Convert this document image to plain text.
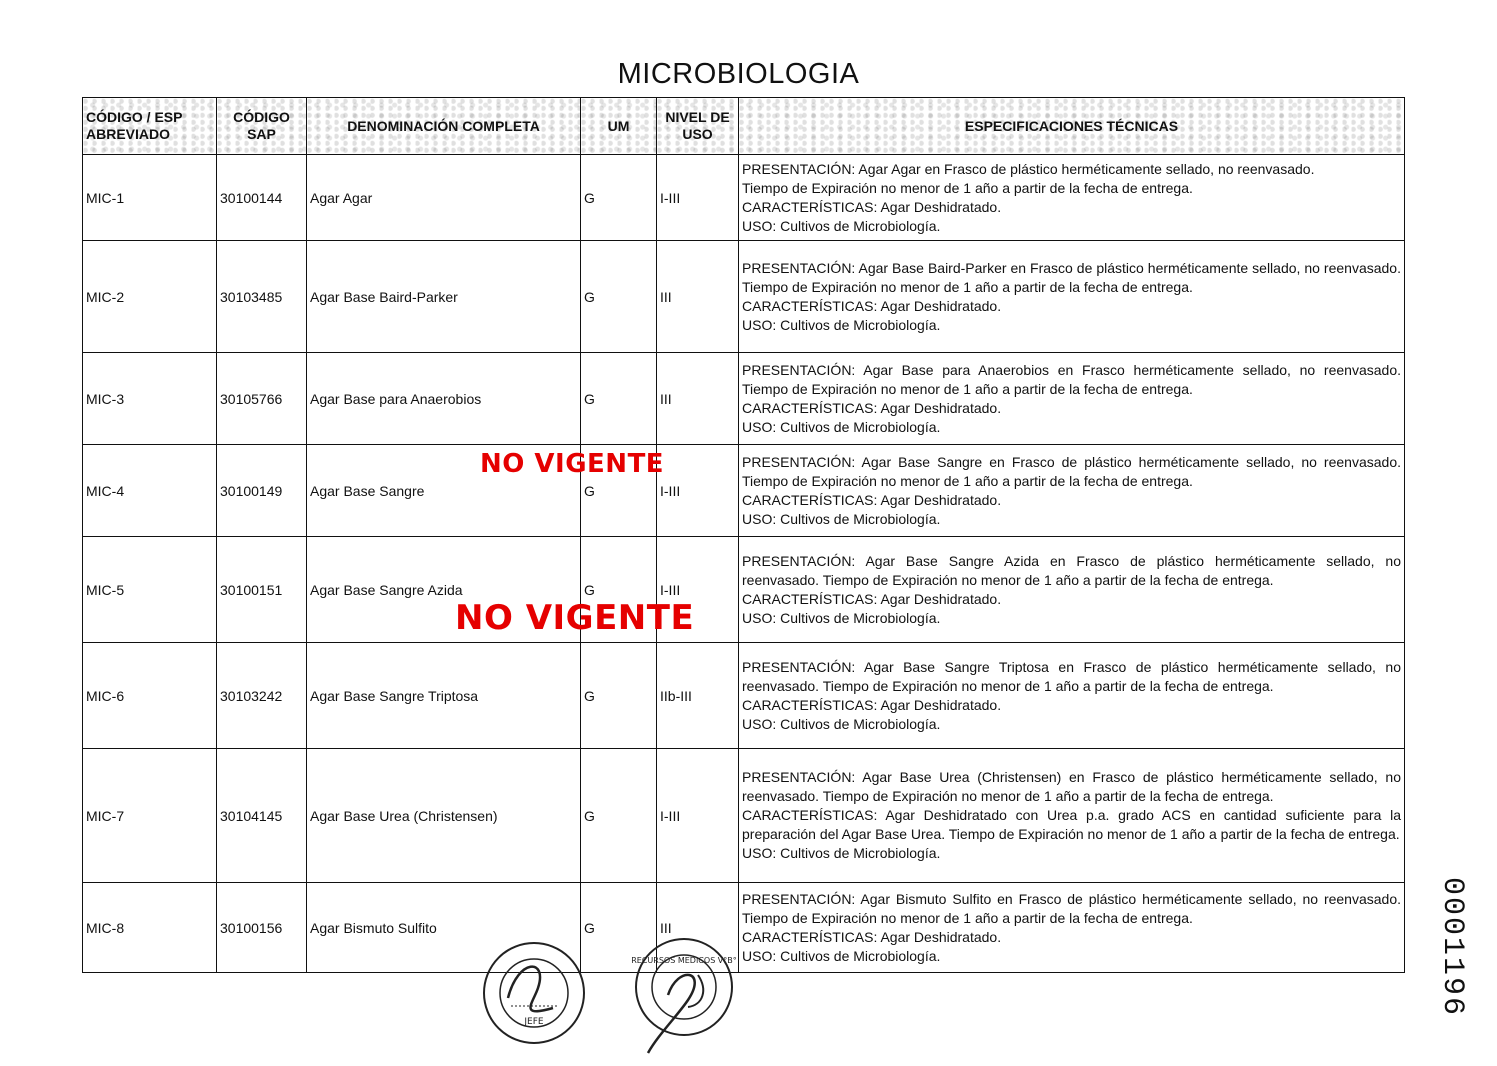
MICROBIOLOGIA
CÓDIGO / ESP ABREVIADO	CÓDIGO SAP	DENOMINACIÓN COMPLETA	UM	NIVEL DE USO	ESPECIFICACIONES TÉCNICAS
MIC-1	30100144	Agar Agar	G	I-III	PRESENTACIÓN: Agar Agar en Frasco de plástico herméticamente sellado, no reenvasado.
Tiempo de Expiración no menor de 1 año a partir de la fecha de entrega.
CARACTERÍSTICAS: Agar Deshidratado.
USO: Cultivos de Microbiología.

MIC-2	30103485	Agar Base Baird-Parker	G	III	PRESENTACIÓN: Agar Base Baird-Parker en Frasco de plástico herméticamente sellado, no reenvasado. Tiempo de Expiración no menor de 1 año a partir de la fecha de entrega.
CARACTERÍSTICAS: Agar Deshidratado.
USO: Cultivos de Microbiología.

MIC-3	30105766	Agar Base para Anaerobios	G	III	PRESENTACIÓN: Agar Base para Anaerobios en Frasco herméticamente sellado, no reenvasado. Tiempo de Expiración no menor de 1 año a partir de la fecha de entrega.
CARACTERÍSTICAS: Agar Deshidratado.
USO: Cultivos de Microbiología.

MIC-4	30100149	Agar Base Sangre	G	I-III	PRESENTACIÓN: Agar Base Sangre en Frasco de plástico herméticamente sellado, no reenvasado. Tiempo de Expiración no menor de 1 año a partir de la fecha de entrega.
CARACTERÍSTICAS: Agar Deshidratado.
USO: Cultivos de Microbiología.

MIC-5	30100151	Agar Base Sangre Azida	G	I-III	PRESENTACIÓN: Agar Base Sangre Azida en Frasco de plástico herméticamente sellado, no reenvasado. Tiempo de Expiración no menor de 1 año a partir de la fecha de entrega.
CARACTERÍSTICAS: Agar Deshidratado.
USO: Cultivos de Microbiología.

MIC-6	30103242	Agar Base Sangre Triptosa	G	IIb-III	PRESENTACIÓN: Agar Base Sangre Triptosa en Frasco de plástico herméticamente sellado, no reenvasado. Tiempo de Expiración no menor de 1 año a partir de la fecha de entrega.
CARACTERÍSTICAS: Agar Deshidratado.
USO: Cultivos de Microbiología.

MIC-7	30104145	Agar Base Urea (Christensen)	G	I-III	PRESENTACIÓN: Agar Base Urea (Christensen) en Frasco de plástico herméticamente sellado, no reenvasado. Tiempo de Expiración no menor de 1 año a partir de la fecha de entrega.
CARACTERÍSTICAS: Agar Deshidratado con Urea p.a. grado ACS en cantidad suficiente para la preparación del Agar Base Urea. Tiempo de Expiración no menor de 1 año a partir de la fecha de entrega.
USO: Cultivos de Microbiología.

MIC-8	30100156	Agar Bismuto Sulfito	G	III	PRESENTACIÓN: Agar Bismuto Sulfito en Frasco de plástico herméticamente sellado, no reenvasado. Tiempo de Expiración no menor de 1 año a partir de la fecha de entrega.
CARACTERÍSTICAS: Agar Deshidratado.
USO: Cultivos de Microbiología.
NO VIGENTE
NO VIGENTE
0001196
JEFE
RECURSOS MEDICOS V°B°
